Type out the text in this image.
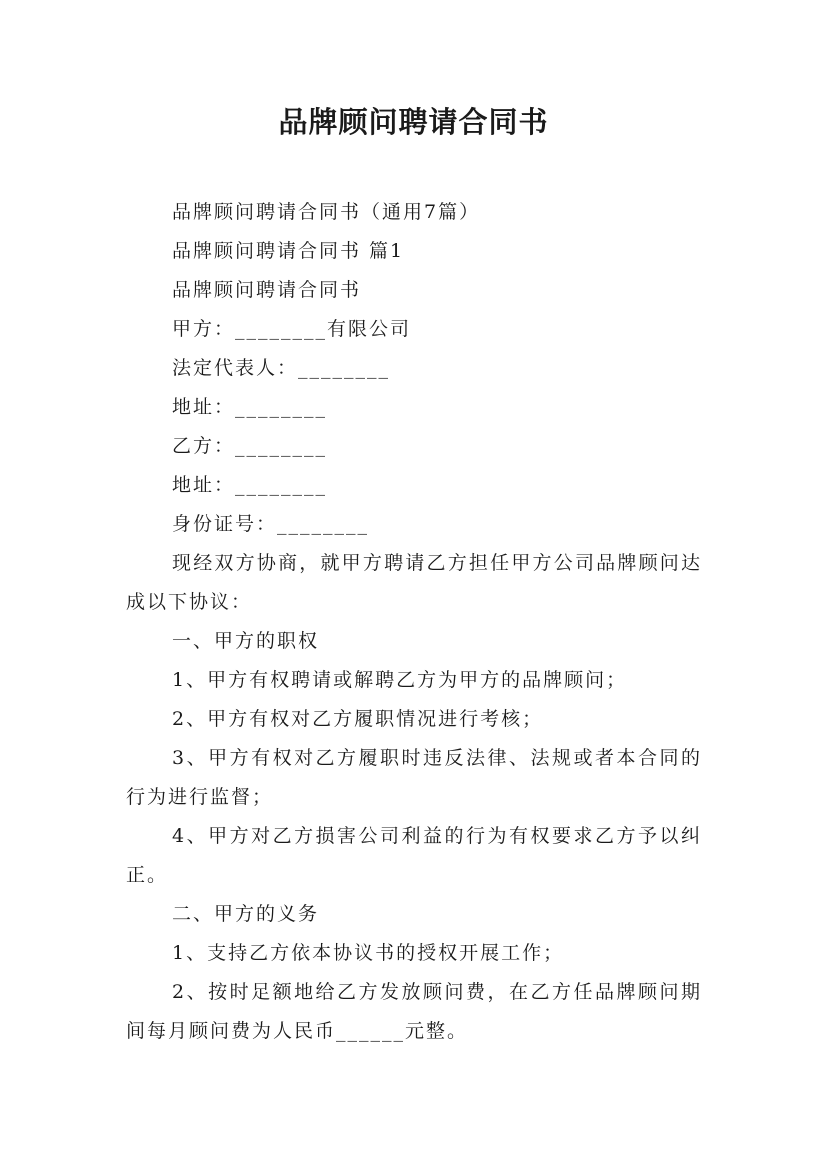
品牌顾问聘请合同书

品牌顾问聘请合同书（通用7篇）

品牌顾问聘请合同书 篇1

品牌顾问聘请合同书

甲方：________有限公司

法定代表人：________

地址：________

乙方：________

地址：________

身份证号：________

现经双方协商，就甲方聘请乙方担任甲方公司品牌顾问达成以下协议：

一、甲方的职权

1、甲方有权聘请或解聘乙方为甲方的品牌顾问；

2、甲方有权对乙方履职情况进行考核；

3、甲方有权对乙方履职时违反法律、法规或者本合同的行为进行监督；

4、甲方对乙方损害公司利益的行为有权要求乙方予以纠正。

二、甲方的义务

1、支持乙方依本协议书的授权开展工作；

2、按时足额地给乙方发放顾问费，在乙方任品牌顾问期间每月顾问费为人民币______元整。
